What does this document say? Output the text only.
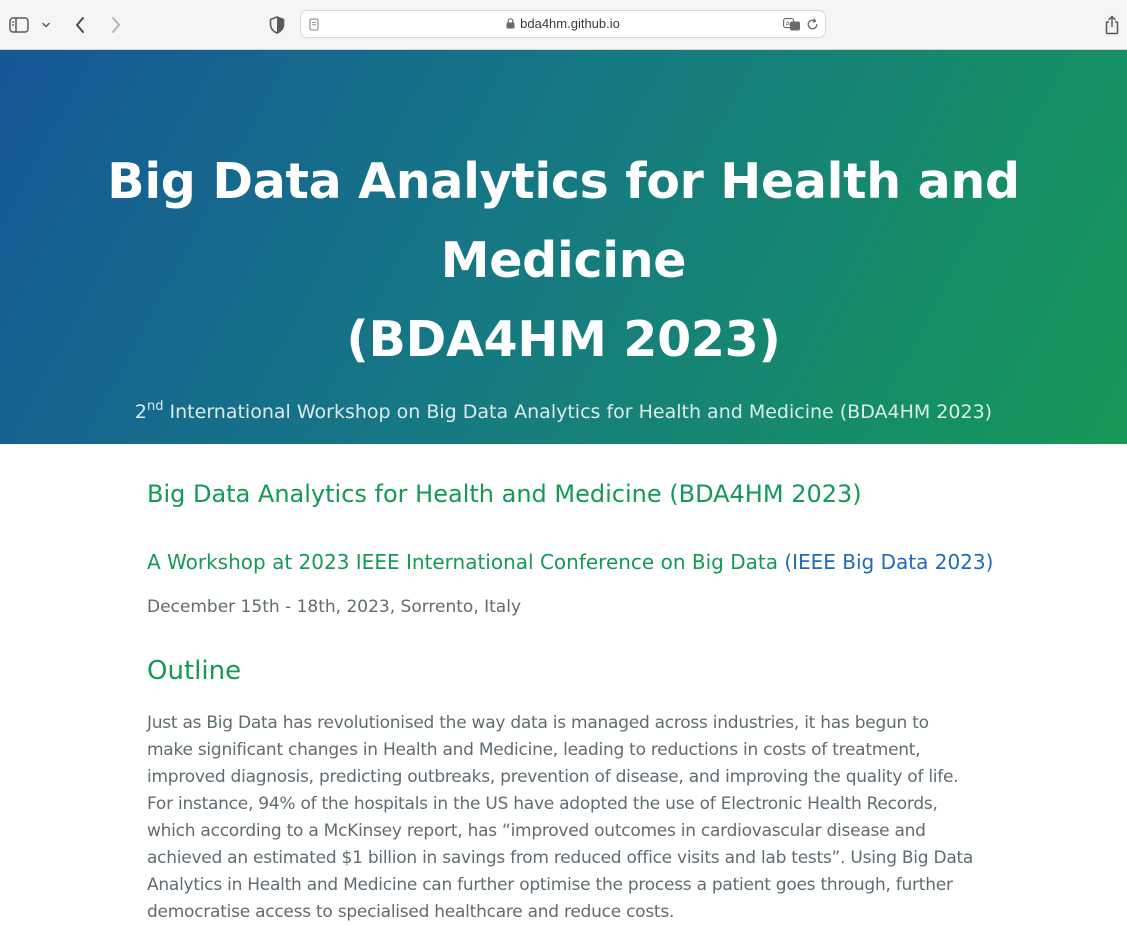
bda4hm.github.io	A
Big Data Analytics for Health and Medicine
(BDA4HM 2023)
2nd International Workshop on Big Data Analytics for Health and Medicine (BDA4HM 2023)
Big Data Analytics for Health and Medicine (BDA4HM 2023)
A Workshop at 2023 IEEE International Conference on Big Data (IEEE Big Data 2023)

December 15th - 18th, 2023, Sorrento, Italy

Outline

Just as Big Data has revolutionised the way data is managed across industries, it has begun to make significant changes in Health and Medicine, leading to reductions in costs of treatment, improved diagnosis, predicting outbreaks, prevention of disease, and improving the quality of life. For instance, 94% of the hospitals in the US have adopted the use of Electronic Health Records, which according to a McKinsey report, has “improved outcomes in cardiovascular disease and achieved an estimated $1 billion in savings from reduced office visits and lab tests”. Using Big Data Analytics in Health and Medicine can further optimise the process a patient goes through, further democratise access to specialised healthcare and reduce costs.
